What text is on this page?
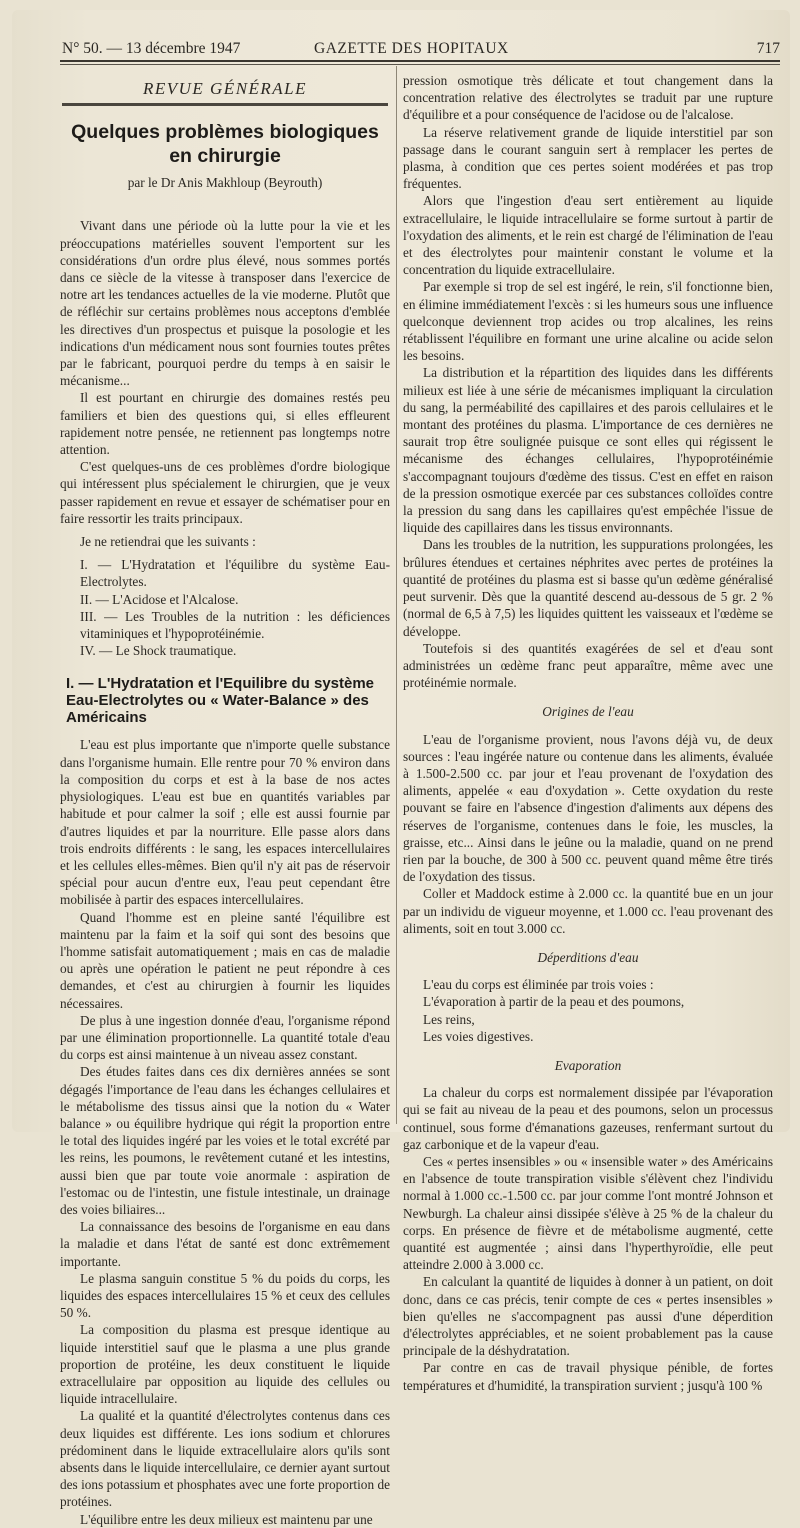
N° 50. — 13 décembre 1947	GAZETTE DES HOPITAUX	717
REVUE GÉNÉRALE
Quelques problèmes biologiques en chirurgie
par le Dr Anis Makhloup (Beyrouth)

Vivant dans une période où la lutte pour la vie et les préoccupations matérielles souvent l'emportent sur les considérations d'un ordre plus élevé, nous sommes portés dans ce siècle de la vitesse à transposer dans l'exercice de notre art les tendances actuelles de la vie moderne. Plutôt que de réfléchir sur certains problèmes nous acceptons d'emblée les directives d'un prospectus et puisque la posologie et les indications d'un médicament nous sont fournies toutes prêtes par le fabricant, pourquoi perdre du temps à en saisir le mécanisme...

Il est pourtant en chirurgie des domaines restés peu familiers et bien des questions qui, si elles effleurent rapidement notre pensée, ne retiennent pas longtemps notre attention.

C'est quelques-uns de ces problèmes d'ordre biologique qui intéressent plus spécialement le chirurgien, que je veux passer rapidement en revue et essayer de schématiser pour en faire ressortir les traits principaux.

Je ne retiendrai que les suivants :

I. — L'Hydratation et l'équilibre du système Eau-Electrolytes.

II. — L'Acidose et l'Alcalose.

III. — Les Troubles de la nutrition : les déficiences vitaminiques et l'hypoprotéinémie.

IV. — Le Shock traumatique.

I. — L'Hydratation et l'Equilibre du système Eau-Electrolytes ou « Water-Balance » des Américains

L'eau est plus importante que n'importe quelle substance dans l'organisme humain. Elle rentre pour 70 % environ dans la composition du corps et est à la base de nos actes physiologiques. L'eau est bue en quantités variables par habitude et pour calmer la soif ; elle est aussi fournie par d'autres liquides et par la nourriture. Elle passe alors dans trois endroits différents : le sang, les espaces intercellulaires et les cellules elles-mêmes. Bien qu'il n'y ait pas de réservoir spécial pour aucun d'entre eux, l'eau peut cependant être mobilisée à partir des espaces intercellulaires.

Quand l'homme est en pleine santé l'équilibre est maintenu par la faim et la soif qui sont des besoins que l'homme satisfait automatiquement ; mais en cas de maladie ou après une opération le patient ne peut répondre à ces demandes, et c'est au chirurgien à fournir les liquides nécessaires.

De plus à une ingestion donnée d'eau, l'organisme répond par une élimination proportionnelle. La quantité totale d'eau du corps est ainsi maintenue à un niveau assez constant.

Des études faites dans ces dix dernières années se sont dégagés l'importance de l'eau dans les échanges cellulaires et le métabolisme des tissus ainsi que la notion du « Water balance » ou équilibre hydrique qui régit la proportion entre le total des liquides ingéré par les voies et le total excrété par les reins, les poumons, le revêtement cutané et les intestins, aussi bien que par toute voie anormale : aspiration de l'estomac ou de l'intestin, une fistule intestinale, un drainage des voies biliaires...

La connaissance des besoins de l'organisme en eau dans la maladie et dans l'état de santé est donc extrêmement importante.

Le plasma sanguin constitue 5 % du poids du corps, les liquides des espaces intercellulaires 15 % et ceux des cellules 50 %.

La composition du plasma est presque identique au liquide interstitiel sauf que le plasma a une plus grande proportion de protéine, les deux constituent le liquide extracellulaire par opposition au liquide des cellules ou liquide intracellulaire.

La qualité et la quantité d'électrolytes contenus dans ces deux liquides est différente. Les ions sodium et chlorures prédominent dans le liquide extracellulaire alors qu'ils sont absents dans le liquide intercellulaire, ce dernier ayant surtout des ions potassium et phosphates avec une forte proportion de protéines.

L'équilibre entre les deux milieux est maintenu par une

pression osmotique très délicate et tout changement dans la concentration relative des électrolytes se traduit par une rupture d'équilibre et a pour conséquence de l'acidose ou de l'alcalose.

La réserve relativement grande de liquide interstitiel par son passage dans le courant sanguin sert à remplacer les pertes de plasma, à condition que ces pertes soient modérées et pas trop fréquentes.

Alors que l'ingestion d'eau sert entièrement au liquide extracellulaire, le liquide intracellulaire se forme surtout à partir de l'oxydation des aliments, et le rein est chargé de l'élimination de l'eau et des électrolytes pour maintenir constant le volume et la concentration du liquide extracellulaire.

Par exemple si trop de sel est ingéré, le rein, s'il fonctionne bien, en élimine immédiatement l'excès : si les humeurs sous une influence quelconque deviennent trop acides ou trop alcalines, les reins rétablissent l'équilibre en formant une urine alcaline ou acide selon les besoins.

La distribution et la répartition des liquides dans les différents milieux est liée à une série de mécanismes impliquant la circulation du sang, la perméabilité des capillaires et des parois cellulaires et le montant des protéines du plasma. L'importance de ces dernières ne saurait trop être soulignée puisque ce sont elles qui régissent le mécanisme des échanges cellulaires, l'hypoprotéinémie s'accompagnant toujours d'œdème des tissus. C'est en effet en raison de la pression osmotique exercée par ces substances colloïdes contre la pression du sang dans les capillaires qu'est empêchée l'issue de liquide des capillaires dans les tissus environnants.

Dans les troubles de la nutrition, les suppurations prolongées, les brûlures étendues et certaines néphrites avec pertes de protéines la quantité de protéines du plasma est si basse qu'un œdème généralisé peut survenir. Dès que la quantité descend au-dessous de 5 gr. 2 % (normal de 6,5 à 7,5) les liquides quittent les vaisseaux et l'œdème se développe.

Toutefois si des quantités exagérées de sel et d'eau sont administrées un œdème franc peut apparaître, même avec une protéinémie normale.

Origines de l'eau

L'eau de l'organisme provient, nous l'avons déjà vu, de deux sources : l'eau ingérée nature ou contenue dans les aliments, évaluée à 1.500-2.500 cc. par jour et l'eau provenant de l'oxydation des aliments, appelée « eau d'oxydation ». Cette oxydation du reste pouvant se faire en l'absence d'ingestion d'aliments aux dépens des réserves de l'organisme, contenues dans le foie, les muscles, la graisse, etc... Ainsi dans le jeûne ou la maladie, quand on ne prend rien par la bouche, de 300 à 500 cc. peuvent quand même être tirés de l'oxydation des tissus.

Coller et Maddock estime à 2.000 cc. la quantité bue en un jour par un individu de vigueur moyenne, et 1.000 cc. l'eau provenant des aliments, soit en tout 3.000 cc.

Déperditions d'eau

L'eau du corps est éliminée par trois voies :

L'évaporation à partir de la peau et des poumons,

Les reins,

Les voies digestives.

Evaporation

La chaleur du corps est normalement dissipée par l'évaporation qui se fait au niveau de la peau et des poumons, selon un processus continuel, sous forme d'émanations gazeuses, renfermant surtout du gaz carbonique et de la vapeur d'eau.

Ces « pertes insensibles » ou « insensible water » des Américains en l'absence de toute transpiration visible s'élèvent chez l'individu normal à 1.000 cc.-1.500 cc. par jour comme l'ont montré Johnson et Newburgh. La chaleur ainsi dissipée s'élève à 25 % de la chaleur du corps. En présence de fièvre et de métabolisme augmenté, cette quantité est augmentée ; ainsi dans l'hyperthyroïdie, elle peut atteindre 2.000 à 3.000 cc.

En calculant la quantité de liquides à donner à un patient, on doit donc, dans ce cas précis, tenir compte de ces « pertes insensibles » bien qu'elles ne s'accompagnent pas aussi d'une déperdition d'électrolytes appréciables, et ne soient probablement pas la cause principale de la déshydratation.

Par contre en cas de travail physique pénible, de fortes températures et d'humidité, la transpiration survient ; jusqu'à 100 %
